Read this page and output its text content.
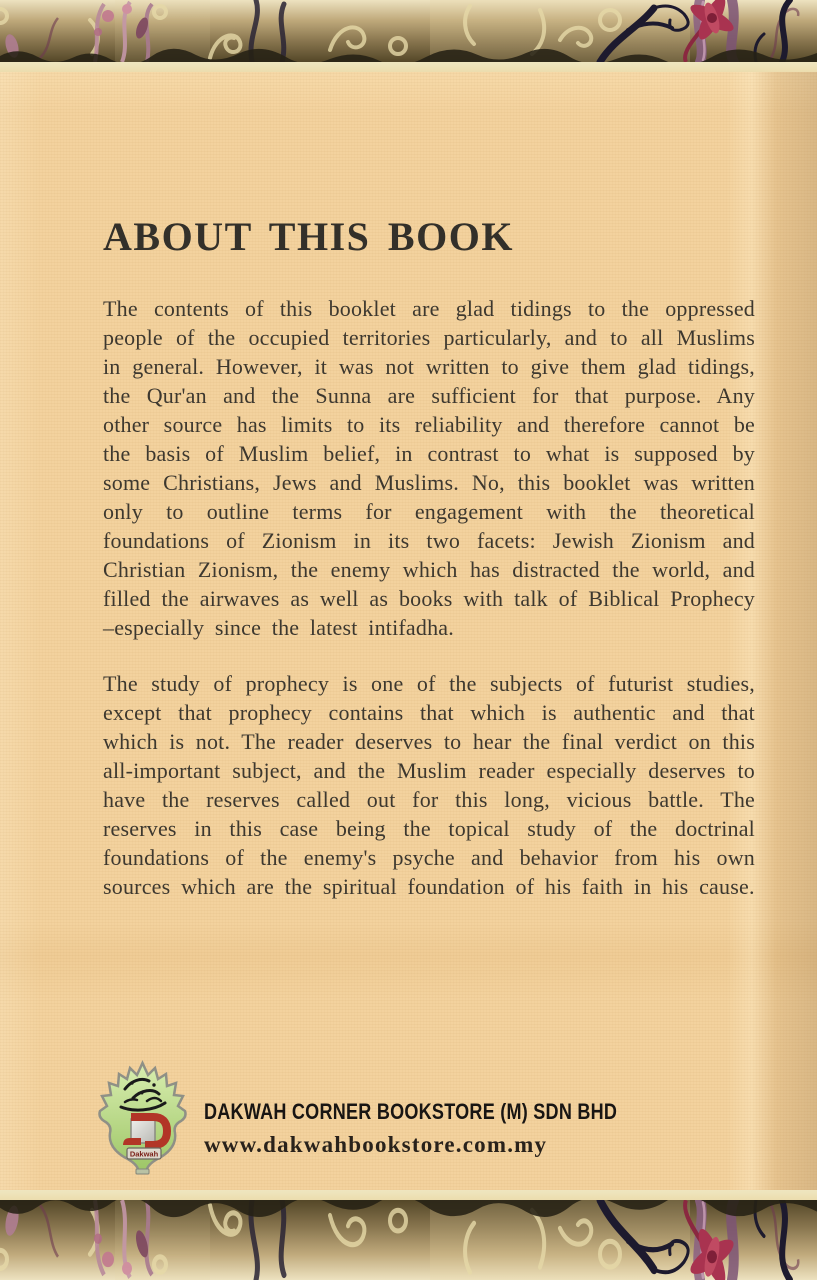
ABOUT THIS BOOK

The contents of this booklet are glad tidings to the oppressed people of the occupied territories particularly, and to all Muslims in general. However, it was not written to give them glad tidings, the Qur'an and the Sunna are sufficient for that purpose. Any other source has limits to its reliability and therefore cannot be the basis of Muslim belief, in contrast to what is supposed by some Christians, Jews and Muslims. No, this booklet was written only to outline terms for engagement with the theoretical foundations of Zionism in its two facets: Jewish Zionism and Christian Zionism, the enemy which has distracted the world, and filled the airwaves as well as books with talk of Biblical Prophecy –especially since the latest intifadha.

The study of prophecy is one of the subjects of futurist studies, except that prophecy contains that which is authentic and that which is not. The reader deserves to hear the final verdict on this all-important subject, and the Muslim reader especially deserves to have the reserves called out for this long, vicious battle. The reserves in this case being the topical study of the doctrinal foundations of the enemy's psyche and behavior from his own sources which are the spiritual foundation of his faith in his cause.

Dakwah
DAKWAH CORNER BOOKSTORE (M) SDN BHD
www.dakwahbookstore.com.my
